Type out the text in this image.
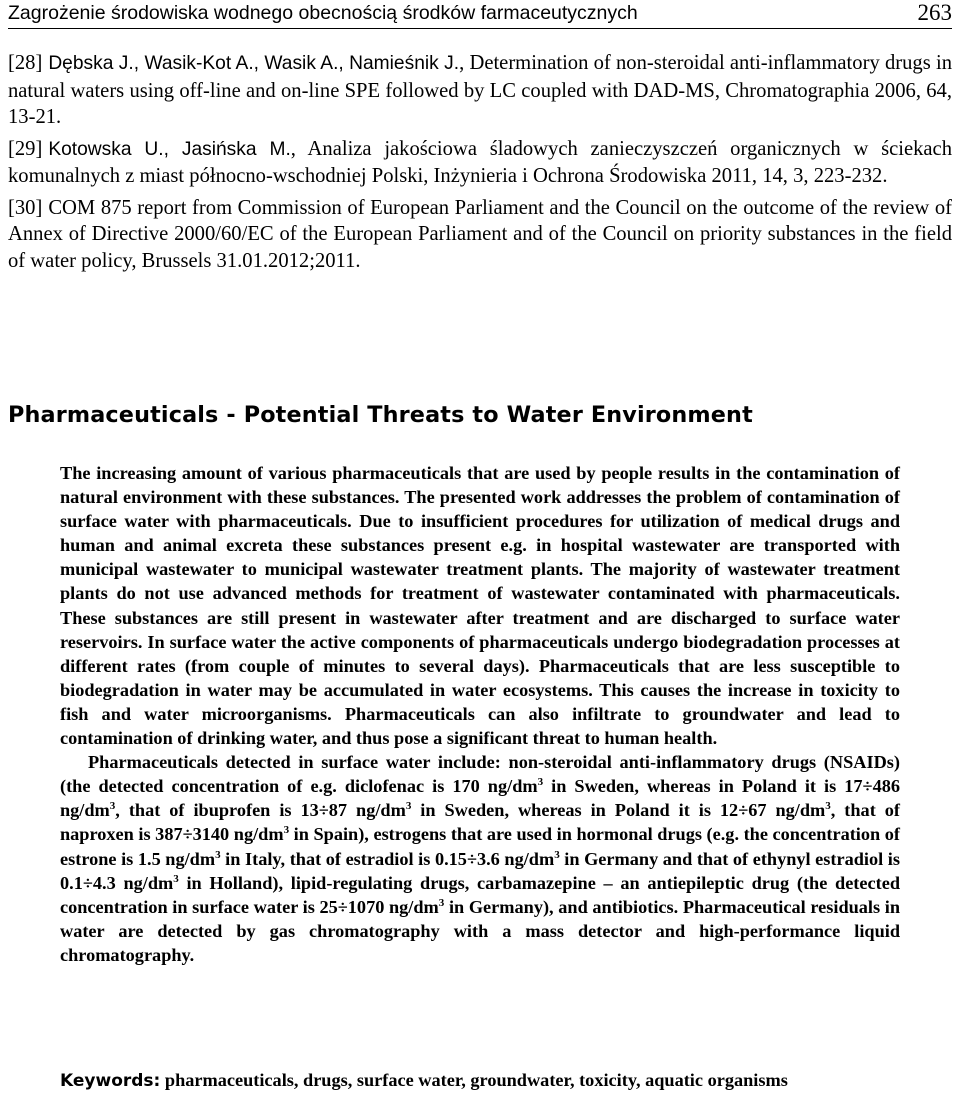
Zagrożenie środowiska wodnego obecnością środków farmaceutycznych	263

[28] Dębska J., Wasik-Kot A., Wasik A., Namieśnik J., Determination of non-steroidal anti-inflammatory drugs in natural waters using off-line and on-line SPE followed by LC coupled with DAD-MS, Chromatographia 2006, 64, 13-21.

[29] Kotowska U., Jasińska M., Analiza jakościowa śladowych zanieczyszczeń organicznych w ściekach komunalnych z miast północno-wschodniej Polski, Inżynieria i Ochrona Środowiska 2011, 14, 3, 223-232.

[30] COM 875 report from Commission of European Parliament and the Council on the outcome of the review of Annex of Directive 2000/60/EC of the European Parliament and of the Council on priority substances in the field of water policy, Brussels 31.01.2012;2011.

Pharmaceuticals - Potential Threats to Water Environment

The increasing amount of various pharmaceuticals that are used by people results in the contamination of natural environment with these substances. The presented work addresses the problem of contamination of surface water with pharmaceuticals. Due to insufficient procedures for utilization of medical drugs and human and animal excreta these substances present e.g. in hospital wastewater are transported with municipal wastewater to municipal wastewater treatment plants. The majority of wastewater treatment plants do not use advanced methods for treatment of wastewater contaminated with pharmaceuticals. These substances are still present in wastewater after treatment and are discharged to surface water reservoirs. In surface water the active components of pharmaceuticals undergo biodegradation processes at different rates (from couple of minutes to several days). Pharmaceuticals that are less susceptible to biodegradation in water may be accumulated in water ecosystems. This causes the increase in toxicity to fish and water microorganisms. Pharmaceuticals can also infiltrate to groundwater and lead to contamination of drinking water, and thus pose a significant threat to human health.

Pharmaceuticals detected in surface water include: non-steroidal anti-inflammatory drugs (NSAIDs) (the detected concentration of e.g. diclofenac is 170 $ng/dm^3$ in Sweden, whereas in Poland it is 17÷486 $ng/dm^3$, that of ibuprofen is 13÷87 $ng/dm^3$ in Sweden, whereas in Poland it is 12÷67 $ng/dm^3$, that of naproxen is 387÷3140 $ng/dm^3$ in Spain), estrogens that are used in hormonal drugs (e.g. the concentration of estrone is 1.5 $ng/dm^3$ in Italy, that of estradiol is 0.15÷3.6 $ng/dm^3$ in Germany and that of ethynyl estradiol is 0.1÷4.3 $ng/dm^3$ in Holland), lipid-regulating drugs, carbamazepine – an antiepileptic drug (the detected concentration in surface water is 25÷1070 $ng/dm^3$ in Germany), and antibiotics. Pharmaceutical residuals in water are detected by gas chromatography with a mass detector and high-performance liquid chromatography.

Keywords: pharmaceuticals, drugs, surface water, groundwater, toxicity, aquatic organisms
